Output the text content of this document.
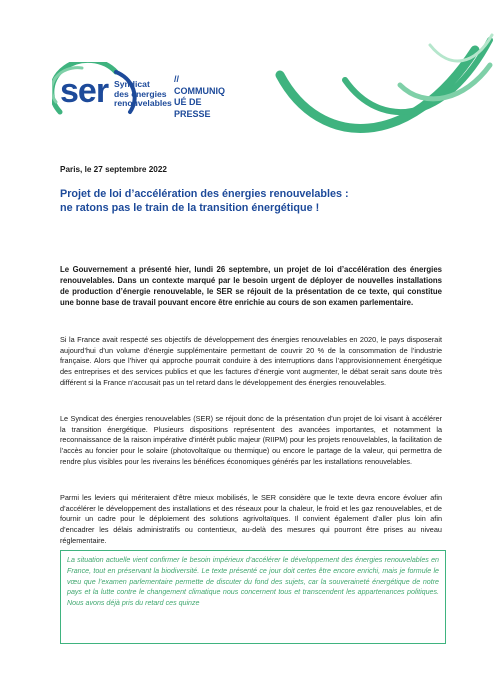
ser Syndicat
des énergies
renouvelables
//
COMMUNIQ
UÉ DE
PRESSE
Paris, le 27 septembre 2022
Projet de loi d’accélération des énergies renouvelables :
ne ratons pas le train de la transition énergétique !
Le Gouvernement a présenté hier, lundi 26 septembre, un projet de loi d’accélération des énergies renouvelables. Dans un contexte marqué par le besoin urgent de déployer de nouvelles installations de production d’énergie renouvelable, le SER se réjouit de la présentation de ce texte, qui constitue une bonne base de travail pouvant encore être enrichie au cours de son examen parlementaire.
Si la France avait respecté ses objectifs de développement des énergies renouvelables en 2020, le pays disposerait aujourd’hui d’un volume d’énergie supplémentaire permettant de couvrir 20 % de la consommation de l’industrie française. Alors que l’hiver qui approche pourrait conduire à des interruptions dans l’approvisionnement énergétique des entreprises et des services publics et que les factures d’énergie vont augmenter, le débat serait sans doute très différent si la France n’accusait pas un tel retard dans le développement des énergies renouvelables.
Le Syndicat des énergies renouvelables (SER) se réjouit donc de la présentation d’un projet de loi visant à accélérer la transition énergétique. Plusieurs dispositions représentent des avancées importantes, et notamment la reconnaissance de la raison impérative d’intérêt public majeur (RIIPM) pour les projets renouvelables, la facilitation de l’accès au foncier pour le solaire (photovoltaïque ou thermique) ou encore le partage de la valeur, qui permettra de rendre plus visibles pour les riverains les bénéfices économiques générés par les installations renouvelables.
Parmi les leviers qui mériteraient d’être mieux mobilisés, le SER considère que le texte devra encore évoluer afin d’accélérer le développement des installations et des réseaux pour la chaleur, le froid et les gaz renouvelables, et de fournir un cadre pour le déploiement des solutions agrivoltaïques. Il convient également d’aller plus loin afin d’encadrer les délais administratifs ou contentieux, au-delà des mesures qui pourront être prises au niveau réglementaire.
La situation actuelle vient confirmer le besoin impérieux d’accélérer le développement des énergies renouvelables en France, tout en préservant la biodiversité. Le texte présenté ce jour doit certes être encore enrichi, mais je formule le vœu que l’examen parlementaire permette de discuter du fond des sujets, car la souveraineté énergétique de notre pays et la lutte contre le changement climatique nous concernent tous et transcendent les appartenances politiques. Nous avons déjà pris du retard ces quinze
